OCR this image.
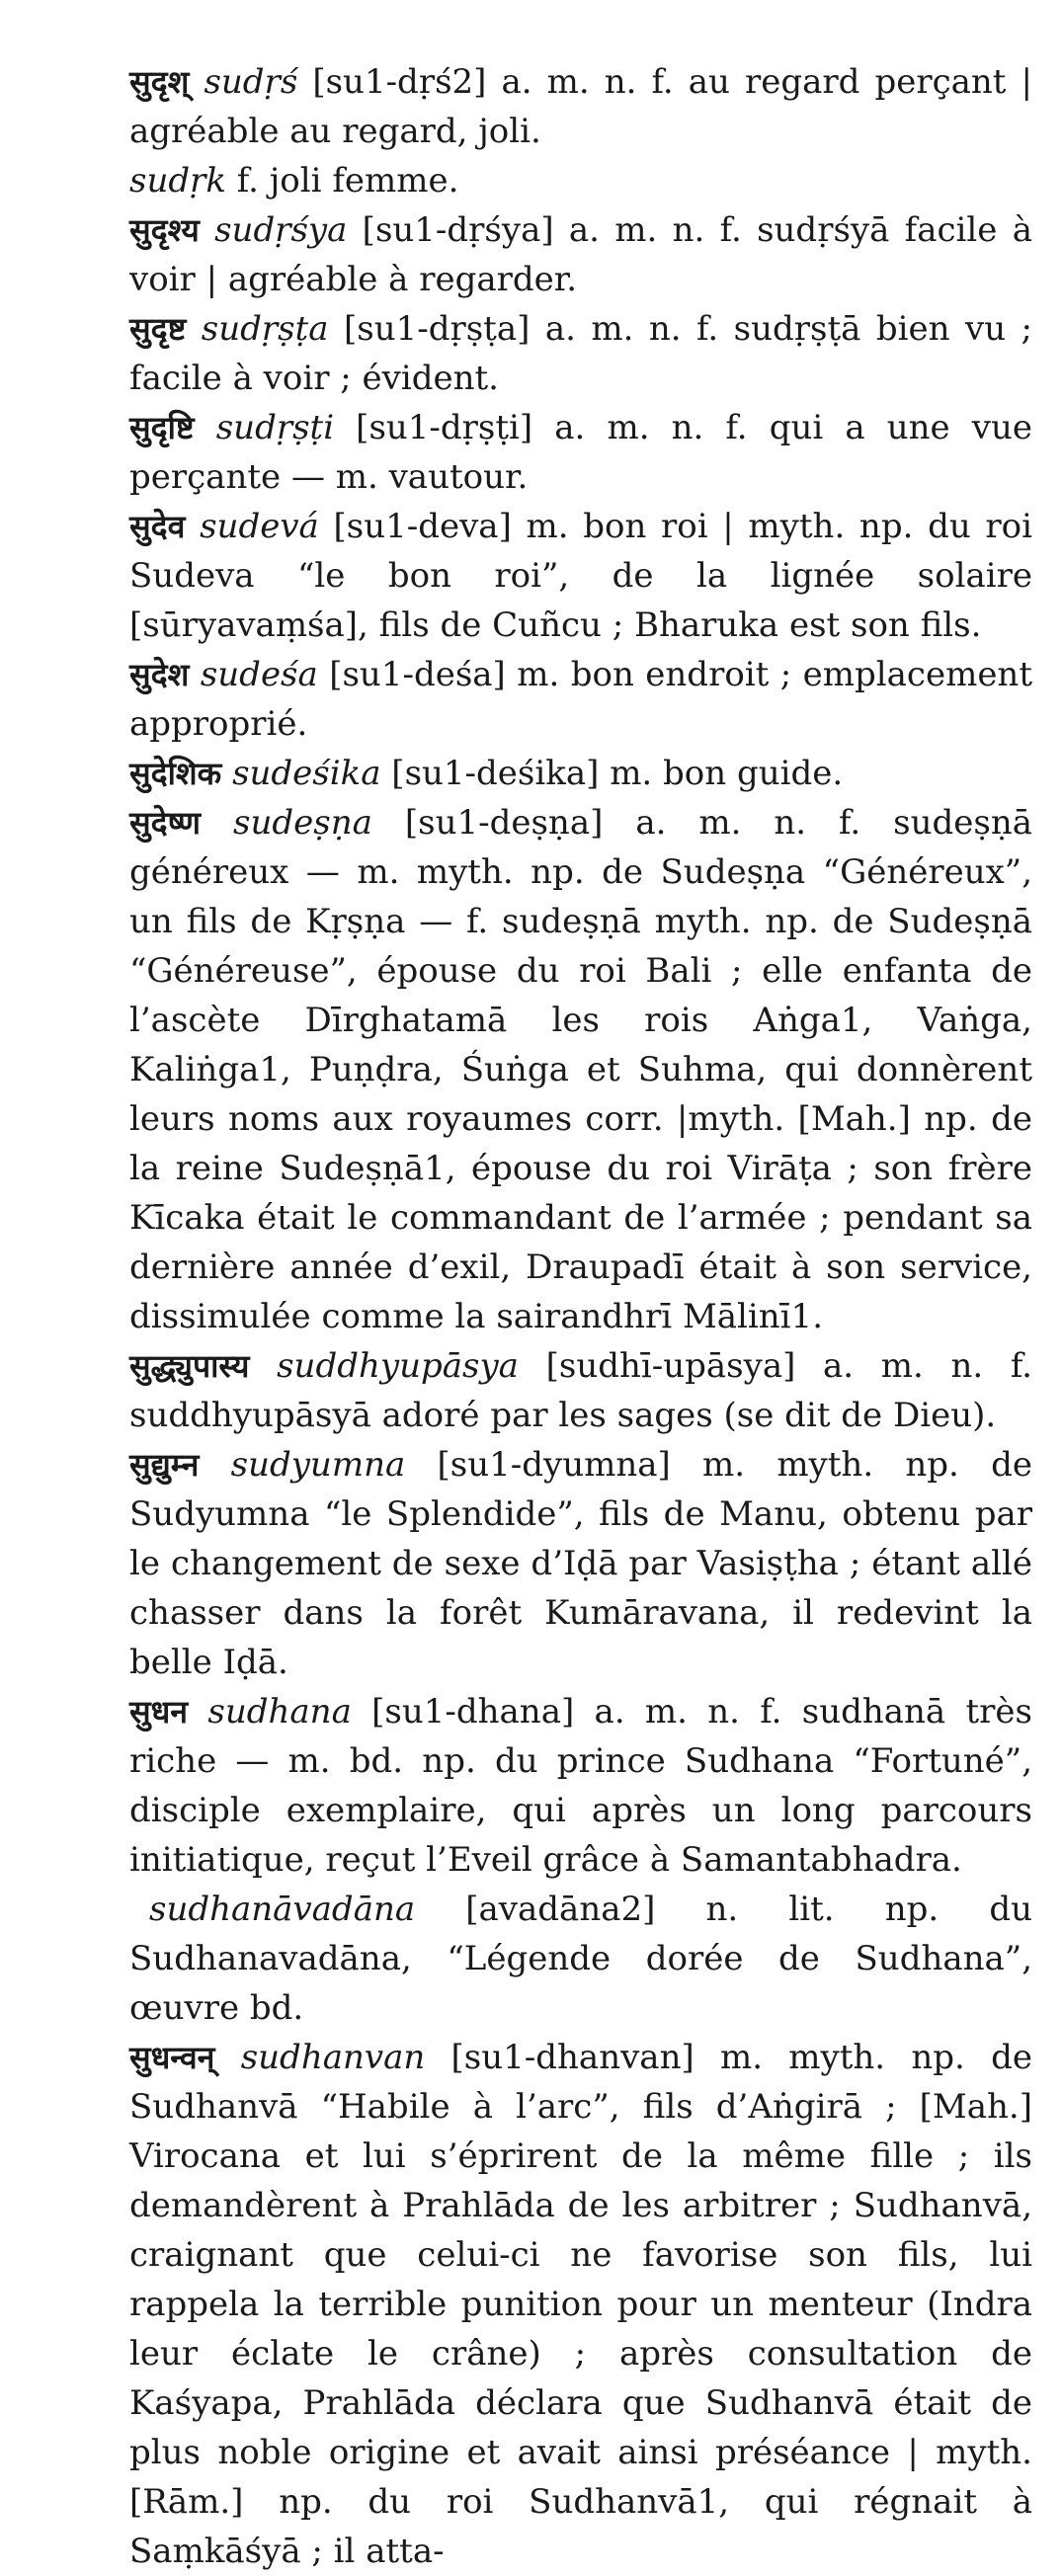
सुदृश् sudṛś [su1-dṛś2] a. m. n. f. au regard perçant | agréable au regard, joli.

sudṛk f. joli femme.

सुदृश्य sudṛśya [su1-dṛśya] a. m. n. f. sudṛśyā facile à voir | agréable à regarder.

सुदृष्ट sudṛṣṭa [su1-dṛṣṭa] a. m. n. f. sudṛṣṭā bien vu ; facile à voir ; évident.

सुदृष्टि sudṛṣṭi [su1-dṛṣṭi] a. m. n. f. qui a une vue perçante — m. vautour.

सुदेव sudevá [su1-deva] m. bon roi | myth. np. du roi Sudeva “le bon roi”, de la lignée solaire [sūryavaṃśa], fils de Cuñcu ; Bharuka est son fils.

सुदेश sudeśa [su1-deśa] m. bon endroit ; emplacement approprié.

सुदेशिक sudeśika [su1-deśika] m. bon guide.

सुदेष्ण sudeṣṇa [su1-deṣṇa] a. m. n. f. sudeṣṇā généreux — m. myth. np. de Sudeṣṇa “Généreux”, un fils de Kṛṣṇa — f. sudeṣṇā myth. np. de Sudeṣṇā “Généreuse”, épouse du roi Bali ; elle enfanta de l’ascète Dīrghatamā les rois Aṅga1, Vaṅga, Kaliṅga1, Puṇḍra, Śuṅga et Suhma, qui donnèrent leurs noms aux royaumes corr. |myth. [Mah.] np. de la reine Sudeṣṇā1, épouse du roi Virāṭa ; son frère Kīcaka était le commandant de l’armée ; pendant sa dernière année d’exil, Draupadī était à son service, dissimulée comme la sairandhrī Mālinī1.

सुद्ध्युपास्य suddhyupāsya [sudhī-upāsya] a. m. n. f. suddhyupāsyā adoré par les sages (se dit de Dieu).

सुद्युम्न sudyumna [su1-dyumna] m. myth. np. de Sudyumna “le Splendide”, fils de Manu, obtenu par le changement de sexe d’Iḍā par Vasiṣṭha ; étant allé chasser dans la forêt Kumāravana, il redevint la belle Iḍā.

सुधन sudhana [su1-dhana] a. m. n. f. sudhanā très riche — m. bd. np. du prince Sudhana “Fortuné”, disciple exemplaire, qui après un long parcours initiatique, reçut l’Eveil grâce à Samantabhadra.

sudhanāvadāna [avadāna2] n. lit. np. du Sudhanavadāna, “Légende dorée de Sudhana”, œuvre bd.

सुधन्वन् sudhanvan [su1-dhanvan] m. myth. np. de Sudhanvā “Habile à l’arc”, fils d’Aṅgirā ; [Mah.] Virocana et lui s’éprirent de la même fille ; ils demandèrent à Prahlāda de les arbitrer ; Sudhanvā, craignant que celui-ci ne favorise son fils, lui rappela la terrible punition pour un menteur (Indra leur éclate le crâne) ; après consultation de Kaśyapa, Prahlāda déclara que Sudhanvā était de plus noble origine et avait ainsi préséance | myth. [Rām.] np. du roi Sudhanvā1, qui régnait à Saṃkāśyā ; il atta-
